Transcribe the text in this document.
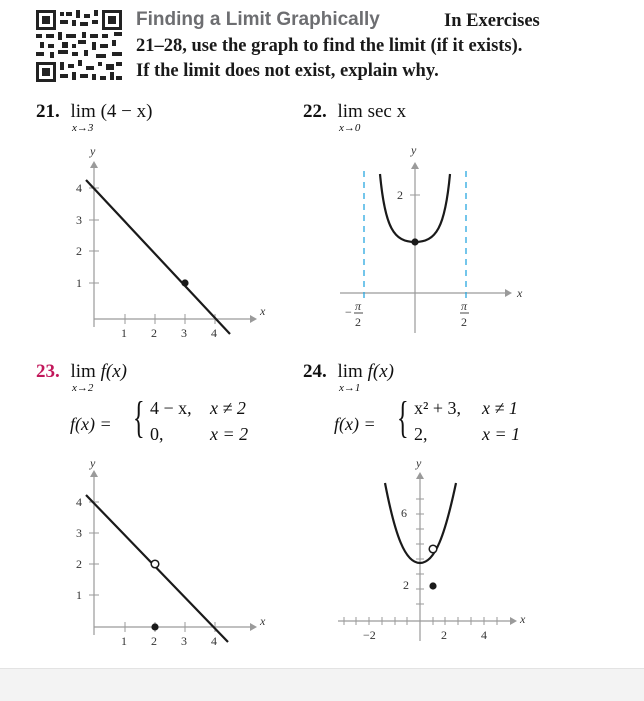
Finding a Limit Graphically	In Exercises
21–28, use the graph to find the limit (if it exists).
If the limit does not exist, explain why.
21. lim (4 − x)
x→3
22. lim sec x
x→0
y
x
4
3
2
1
1 2 3 4
y
x
2
− π
2
π
2
23. lim f(x)
x→2
f(x) = { 4 − x, x ≠ 2
0,	x = 2
24. lim f(x)
x→1
f(x) = { x² + 3, x ≠ 1
2,	x = 1
y
x
4
3
2
1
1 2 3 4
y
x
6
2
−2	2	4
